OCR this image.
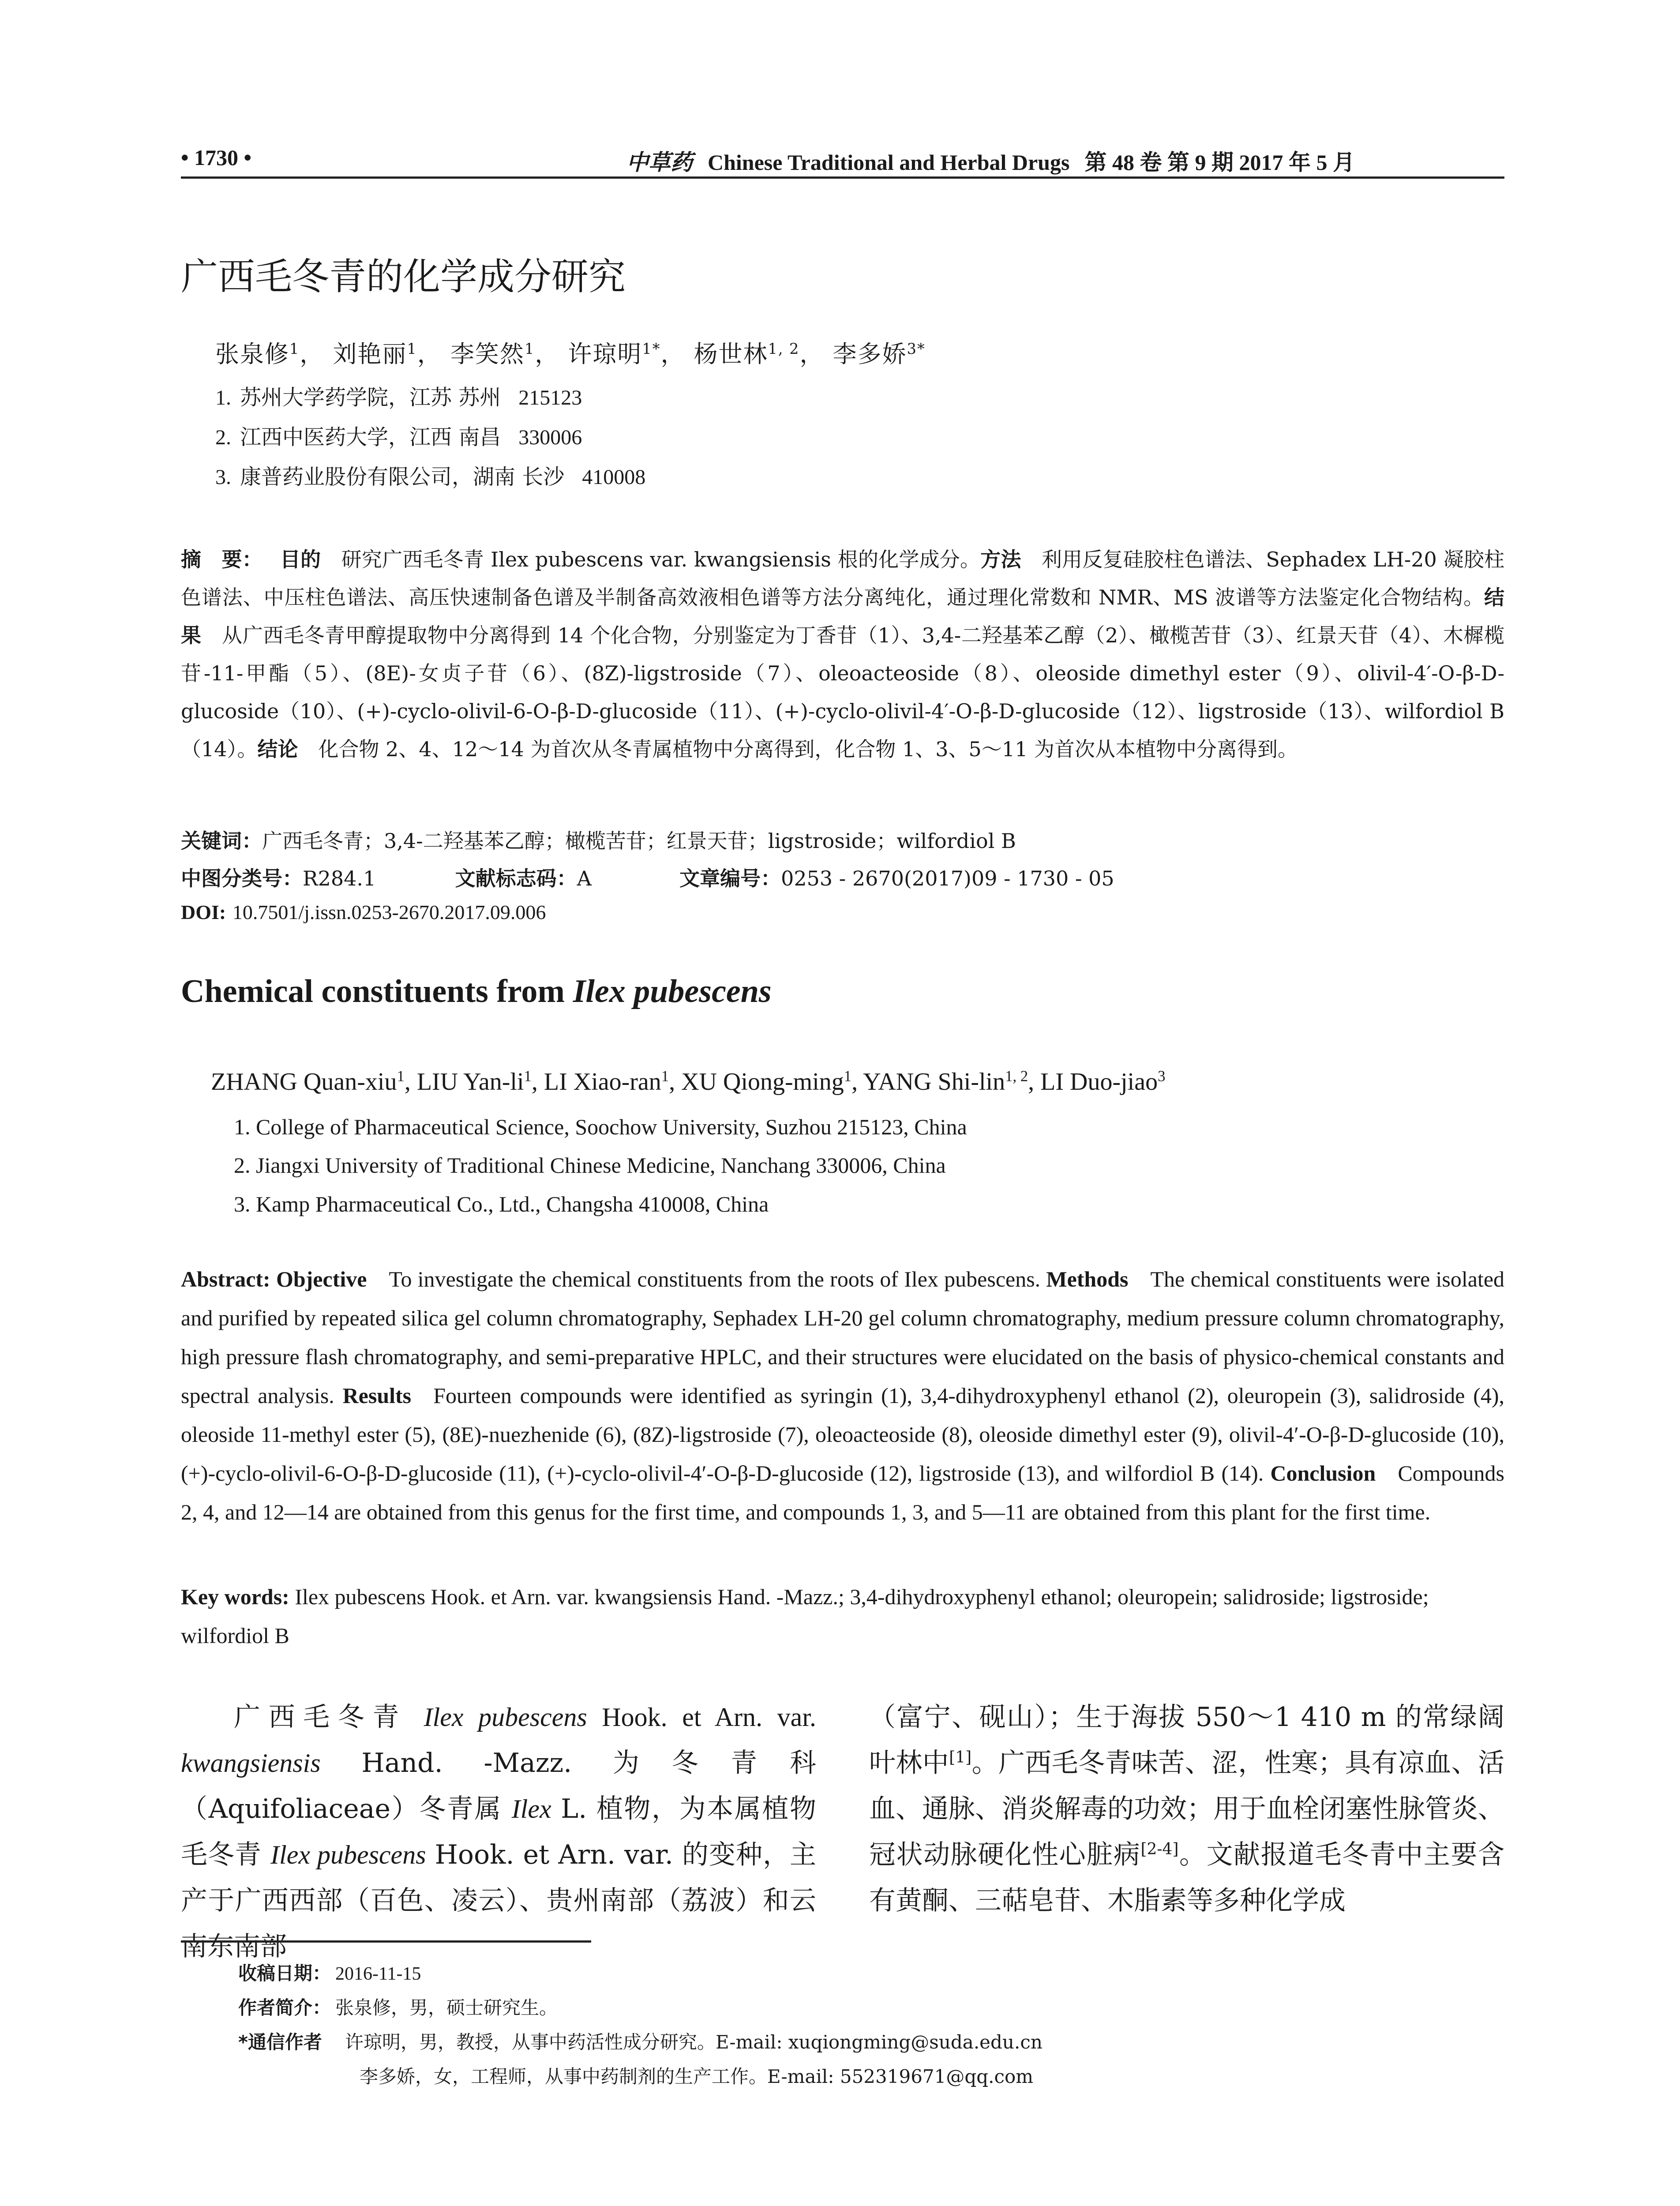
• 1730 •	中草药 Chinese Traditional and Herbal Drugs 第 48 卷 第 9 期 2017 年 5 月
广西毛冬青的化学成分研究
张泉修$^1$， 刘艳丽$^1$， 李笑然$^1$， 许琼明$^{1*}$， 杨世林$^{1, 2}$， 李多娇$^{3*}$
1. 苏州大学药学院，江苏 苏州 215123
2. 江西中医药大学，江西 南昌 330006
3. 康普药业股份有限公司，湖南 长沙 410008
摘　要： 目的  研究广西毛冬青 Ilex pubescens var. kwangsiensis 根的化学成分。方法  利用反复硅胶柱色谱法、Sephadex LH-20 凝胶柱色谱法、中压柱色谱法、高压快速制备色谱及半制备高效液相色谱等方法分离纯化，通过理化常数和 NMR、MS 波谱等方法鉴定化合物结构。结果  从广西毛冬青甲醇提取物中分离得到 14 个化合物，分别鉴定为丁香苷（1）、3,4-二羟基苯乙醇（2）、橄榄苦苷（3）、红景天苷（4）、木樨榄苷-11-甲酯（5）、(8E)-女贞子苷（6）、(8Z)-ligstroside（7）、oleoacteoside（8）、oleoside dimethyl ester（9）、olivil-4′-O-β-D-glucoside（10）、(+)-cyclo-olivil-6-O-β-D-glucoside（11）、(+)-cyclo-olivil-4′-O-β-D-glucoside（12）、ligstroside（13）、wilfordiol B（14）。结论  化合物 2、4、12～14 为首次从冬青属植物中分离得到，化合物 1、3、5～11 为首次从本植物中分离得到。
关键词：广西毛冬青；3,4-二羟基苯乙醇；橄榄苦苷；红景天苷；ligstroside；wilfordiol B
中图分类号：R284.1	文献标志码：A	文章编号：0253 - 2670(2017)09 - 1730 - 05
DOI: 10.7501/j.issn.0253-2670.2017.09.006
Chemical constituents from Ilex pubescens
ZHANG Quan-xiu$^1$, LIU Yan-$li^1$, LI Xiao-ran$^1$, XU Qiong-ming$^1$, YANG Shi-lin$^{1, 2}$, LI Duo-jiao$^3$
1. College of Pharmaceutical Science, Soochow University, Suzhou 215123, China
2. Jiangxi University of Traditional Chinese Medicine, Nanchang 330006, China
3. Kamp Pharmaceutical Co., Ltd., Changsha 410008, China
Abstract: Objective  To investigate the chemical constituents from the roots of Ilex pubescens. Methods  The chemical constituents were isolated and purified by repeated silica gel column chromatography, Sephadex LH-20 gel column chromatography, medium pressure column chromatography, high pressure flash chromatography, and semi-preparative HPLC, and their structures were elucidated on the basis of physico-chemical constants and spectral analysis. Results  Fourteen compounds were identified as syringin (1), 3,4-dihydroxyphenyl ethanol (2), oleuropein (3), salidroside (4), oleoside 11-methyl ester (5), (8E)-nuezhenide (6), (8Z)-ligstroside (7), oleoacteoside (8), oleoside dimethyl ester (9), olivil-4′-O-β-D-glucoside (10), (+)-cyclo-olivil-6-O-β-D-glucoside (11), (+)-cyclo-olivil-4′-O-β-D-glucoside (12), ligstroside (13), and wilfordiol B (14). Conclusion  Compounds 2, 4, and 12—14 are obtained from this genus for the first time, and compounds 1, 3, and 5—11 are obtained from this plant for the first time.
Key words: Ilex pubescens Hook. et Arn. var. kwangsiensis Hand. -Mazz.; 3,4-dihydroxyphenyl ethanol; oleuropein; salidroside; ligstroside; wilfordiol B
广西毛冬青 Ilex pubescens Hook. et Arn. var. kwangsiensis Hand. -Mazz. 为冬青科（Aquifoliaceae）冬青属 Ilex L. 植物，为本属植物毛冬青 Ilex pubescens Hook. et Arn. var. 的变种，主产于广西西部（百色、凌云）、贵州南部（荔波）和云南东南部
（富宁、砚山）；生于海拔 550～1 410 m 的常绿阔叶林中[1]。广西毛冬青味苦、涩，性寒；具有凉血、活血、通脉、消炎解毒的功效；用于血栓闭塞性脉管炎、冠状动脉硬化性心脏病[2-4]。文献报道毛冬青中主要含有黄酮、三萜皂苷、木脂素等多种化学成
收稿日期： 2016-11-15
作者简介： 张泉修，男，硕士研究生。
*通信作者  许琼明，男，教授，从事中药活性成分研究。E-mail: xuqiongming@suda.edu.cn
李多娇，女，工程师，从事中药制剂的生产工作。E-mail: 552319671@qq.com
